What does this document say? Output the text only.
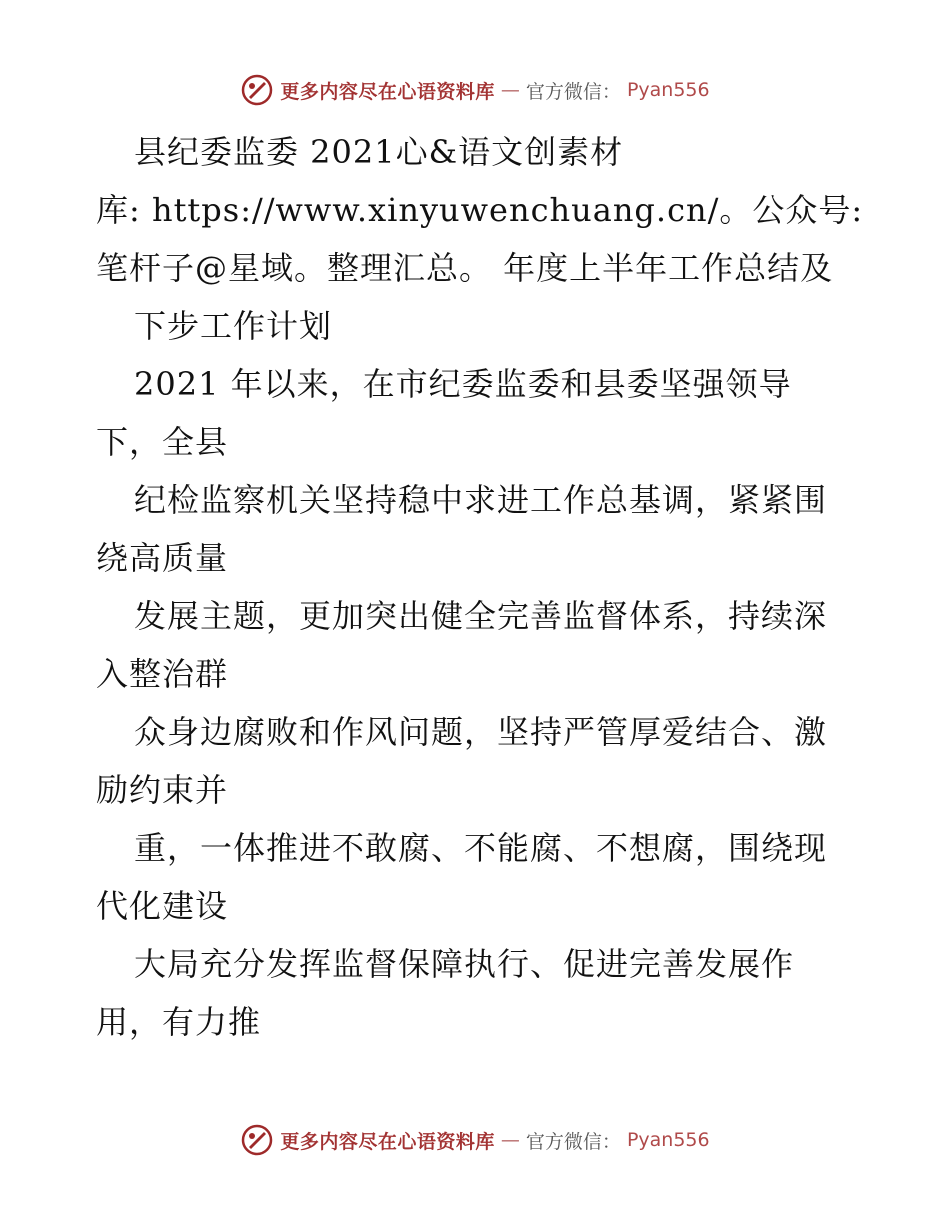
更多内容尽在心语资料库 — 官方微信： Pyan556
县纪委监委 2021心&语文创素材
库: https://www.xinyuwenchuang.cn/。公众号:
笔杆子@星域。整理汇总。 年度上半年工作总结及
下步工作计划
2021 年以来，在市纪委监委和县委坚强领导
下，全县
纪检监察机关坚持稳中求进工作总基调，紧紧围
绕高质量
发展主题，更加突出健全完善监督体系，持续深
入整治群
众身边腐败和作风问题，坚持严管厚爱结合、激
励约束并
重，一体推进不敢腐、不能腐、不想腐，围绕现
代化建设
大局充分发挥监督保障执行、促进完善发展作
用，有力推
更多内容尽在心语资料库 — 官方微信： Pyan556
